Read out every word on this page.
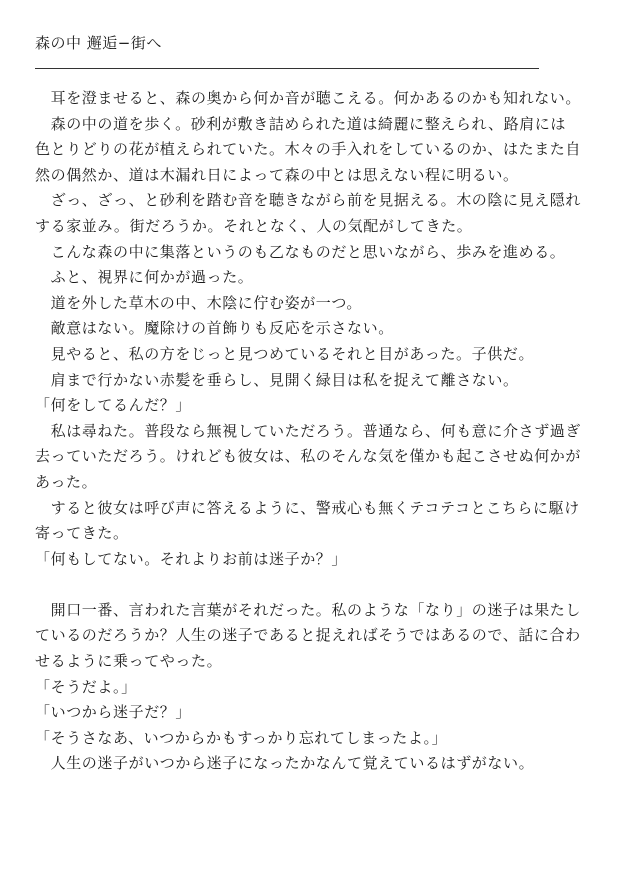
森の中 邂逅−街へ

　耳を澄ませると、森の奥から何か音が聴こえる。何かあるのかも知れない。

　森の中の道を歩く。砂利が敷き詰められた道は綺麗に整えられ、路肩には色とりどりの花が植えられていた。木々の手入れをしているのか、はたまた自然の偶然か、道は木漏れ日によって森の中とは思えない程に明るい。

　ざっ、ざっ、と砂利を踏む音を聴きながら前を見据える。木の陰に見え隠れする家並み。街だろうか。それとなく、人の気配がしてきた。

　こんな森の中に集落というのも乙なものだと思いながら、歩みを進める。

　ふと、視界に何かが過った。

　道を外した草木の中、木陰に佇む姿が一つ。

　敵意はない。魔除けの首飾りも反応を示さない。

　見やると、私の方をじっと見つめているそれと目があった。子供だ。

　肩まで行かない赤髪を垂らし、見開く緑目は私を捉えて離さない。

「何をしてるんだ？」

　私は尋ねた。普段なら無視していただろう。普通なら、何も意に介さず過ぎ去っていただろう。けれども彼女は、私のそんな気を僅かも起こさせぬ何かがあった。

　すると彼女は呼び声に答えるように、警戒心も無くテコテコとこちらに駆け寄ってきた。

「何もしてない。それよりお前は迷子か？」

　開口一番、言われた言葉がそれだった。私のような「なり」の迷子は果たしているのだろうか？人生の迷子であると捉えればそうではあるので、話に合わせるように乗ってやった。

「そうだよ。」

「いつから迷子だ？」

「そうさなあ、いつからかもすっかり忘れてしまったよ。」

　人生の迷子がいつから迷子になったかなんて覚えているはずがない。
